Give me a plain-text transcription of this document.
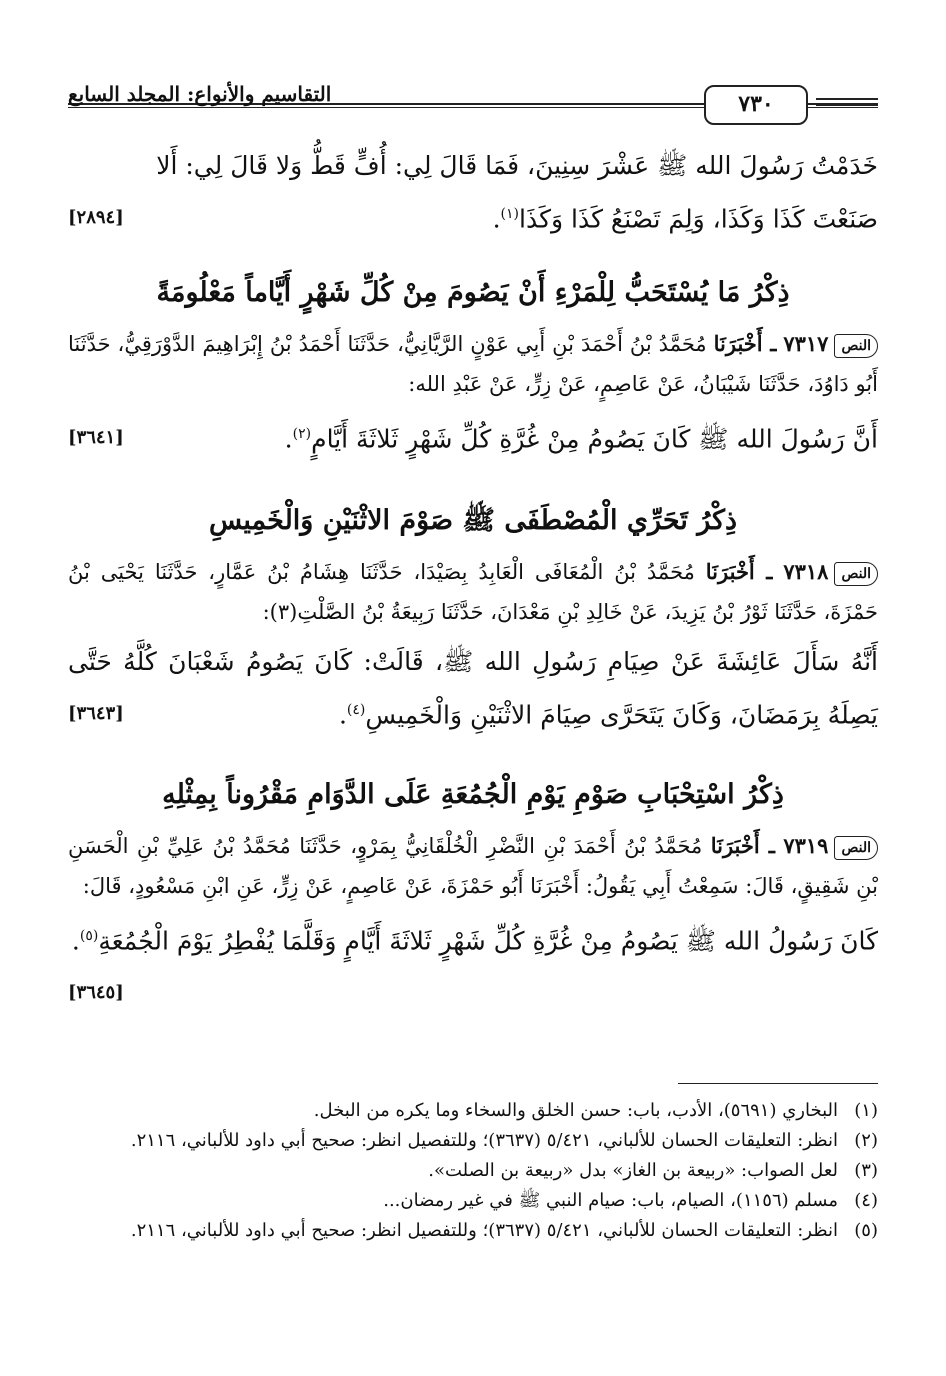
التقاسيم والأنواع: المجلد السابع	٧٣٠
خَدَمْتُ رَسُولَ الله ﷺ عَشْرَ سِنِينَ، فَمَا قَالَ لِي: أُفٍّ قَطُّ وَلا قَالَ لِي: أَلا
صَنَعْتَ كَذَا وَكَذَا، وَلِمَ تَصْنَعُ كَذَا وَكَذَا$^{(١)}$.
[٢٨٩٤]
ذِكْرُ مَا يُسْتَحَبُّ لِلْمَرْءِ أَنْ يَصُومَ مِنْ كُلِّ شَهْرٍ أَيَّاماً مَعْلُومَةً
النص٧٣١٧ ـ أَخْبَرَنَا مُحَمَّدُ بْنُ أَحْمَدَ بْنِ أَبِي عَوْنٍ الرَّيَّانِيُّ، حَدَّثَنَا أَحْمَدُ بْنُ إِبْرَاهِيمَ الدَّوْرَقِيُّ، حَدَّثَنَا أَبُو دَاوُدَ، حَدَّثَنَا شَيْبَانُ، عَنْ عَاصِمٍ، عَنْ زِرٍّ، عَنْ عَبْدِ الله:
أَنَّ رَسُولَ الله ﷺ كَانَ يَصُومُ مِنْ غُرَّةِ كُلِّ شَهْرٍ ثَلاثَةَ أَيَّامٍ$^{(٢)}$.
[٣٦٤١]
ذِكْرُ تَحَرِّي الْمُصْطَفَى ﷺ صَوْمَ الاثْنَيْنِ وَالْخَمِيسِ
النص٧٣١٨ ـ أَخْبَرَنَا مُحَمَّدُ بْنُ الْمُعَافَى الْعَابِدُ بِصَيْدَا، حَدَّثَنَا هِشَامُ بْنُ عَمَّارٍ، حَدَّثَنَا يَحْيَى بْنُ حَمْزَةَ، حَدَّثَنَا ثَوْرُ بْنُ يَزِيدَ، عَنْ خَالِدِ بْنِ مَعْدَانَ، حَدَّثَنَا رَبِيعَةُ بْنُ الصَّلْتِ(٣):
أَنَّهُ سَأَلَ عَائِشَةَ عَنْ صِيَامِ رَسُولِ الله ﷺ، قَالَتْ: كَانَ يَصُومُ شَعْبَانَ كُلَّهُ حَتَّى يَصِلَهُ بِرَمَضَانَ، وَكَانَ يَتَحَرَّى صِيَامَ الاثْنَيْنِ وَالْخَمِيسِ$^{(٤)}$.
[٣٦٤٣]
ذِكْرُ اسْتِحْبَابِ صَوْمِ يَوْمِ الْجُمُعَةِ عَلَى الدَّوَامِ مَقْرُوناً بِمِثْلِهِ
النص٧٣١٩ ـ أَخْبَرَنَا مُحَمَّدُ بْنُ أَحْمَدَ بْنِ النَّضْرِ الْخُلْقَانِيُّ بِمَرْوٍ، حَدَّثَنَا مُحَمَّدُ بْنُ عَلِيِّ بْنِ الْحَسَنِ بْنِ شَقِيقٍ، قَالَ: سَمِعْتُ أَبِي يَقُولُ: أَخْبَرَنَا أَبُو حَمْزَةَ، عَنْ عَاصِمٍ، عَنْ زِرٍّ، عَنِ ابْنِ مَسْعُودٍ، قَالَ:
كَانَ رَسُولُ الله ﷺ يَصُومُ مِنْ غُرَّةِ كُلِّ شَهْرٍ ثَلاثَةَ أَيَّامٍ وَقَلَّمَا يُفْطِرُ يَوْمَ الْجُمُعَةِ$^{(٥)}$.
[٣٦٤٥]
(١)
البخاري (٥٦٩١)، الأدب، باب: حسن الخلق والسخاء وما يكره من البخل.
(٢)
انظر: التعليقات الحسان للألباني، ٥/٤٢١ (٣٦٣٧)؛ وللتفصيل انظر: صحيح أبي داود للألباني، ٢١١٦.
(٣)
لعل الصواب: «ربيعة بن الغاز» بدل «ربيعة بن الصلت».
(٤)
مسلم (١١٥٦)، الصيام، باب: صيام النبي ﷺ في غير رمضان...
(٥)
انظر: التعليقات الحسان للألباني، ٥/٤٢١ (٣٦٣٧)؛ وللتفصيل انظر: صحيح أبي داود للألباني، ٢١١٦.
